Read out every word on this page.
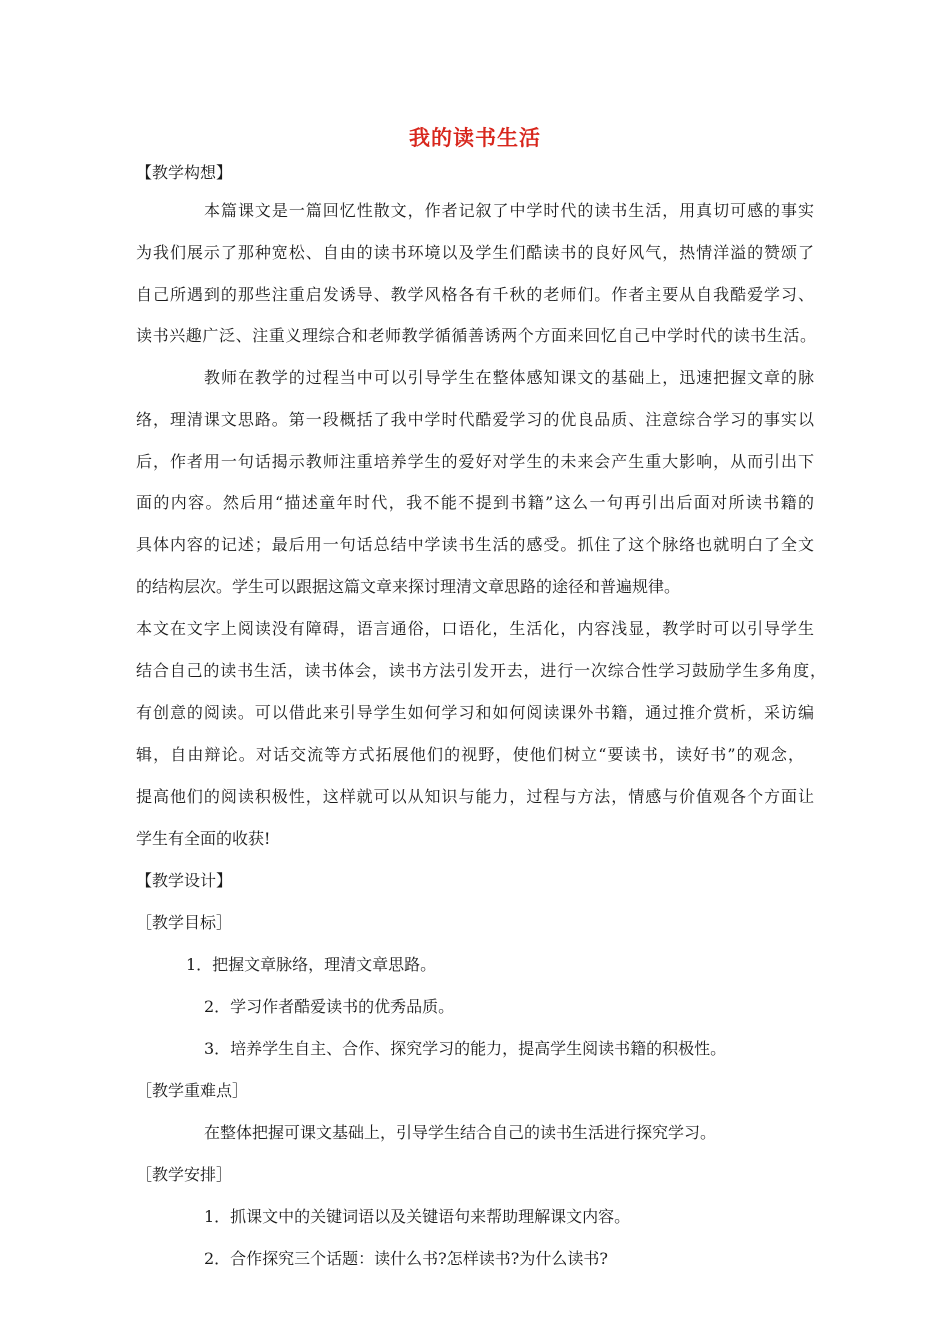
我的读书生活
【教学构想】
本篇课文是一篇回忆性散文，作者记叙了中学时代的读书生活，用真切可感的事实
为我们展示了那种宽松、自由的读书环境以及学生们酷读书的良好风气，热情洋溢的赞颂了
自己所遇到的那些注重启发诱导、教学风格各有千秋的老师们。作者主要从自我酷爱学习、
读书兴趣广泛、注重义理综合和老师教学循循善诱两个方面来回忆自己中学时代的读书生活。
教师在教学的过程当中可以引导学生在整体感知课文的基础上，迅速把握文章的脉
络，理清课文思路。第一段概括了我中学时代酷爱学习的优良品质、注意综合学习的事实以
后，作者用一句话揭示教师注重培养学生的爱好对学生的未来会产生重大影响，从而引出下
面的内容。然后用“描述童年时代，我不能不提到书籍”这么一句再引出后面对所读书籍的
具体内容的记述；最后用一句话总结中学读书生活的感受。抓住了这个脉络也就明白了全文
的结构层次。学生可以跟据这篇文章来探讨理清文章思路的途径和普遍规律。
本文在文字上阅读没有障碍，语言通俗，口语化，生活化，内容浅显，教学时可以引导学生
结合自己的读书生活，读书体会，读书方法引发开去，进行一次综合性学习鼓励学生多角度，
有创意的阅读。可以借此来引导学生如何学习和如何阅读课外书籍，通过推介赏析，采访编
辑，自由辩论。对话交流等方式拓展他们的视野，使他们树立“要读书，读好书”的观念，
提高他们的阅读积极性，这样就可以从知识与能力，过程与方法，情感与价值观各个方面让
学生有全面的收获!
【教学设计】
［教学目标］
1．把握文章脉络，理清文章思路。
2．学习作者酷爱读书的优秀品质。
3．培养学生自主、合作、探究学习的能力，提高学生阅读书籍的积极性。
［教学重难点］
在整体把握可课文基础上，引导学生结合自己的读书生活进行探究学习。
［教学安排］
1．抓课文中的关键词语以及关键语句来帮助理解课文内容。
2．合作探究三个话题：读什么书?怎样读书?为什么读书?
